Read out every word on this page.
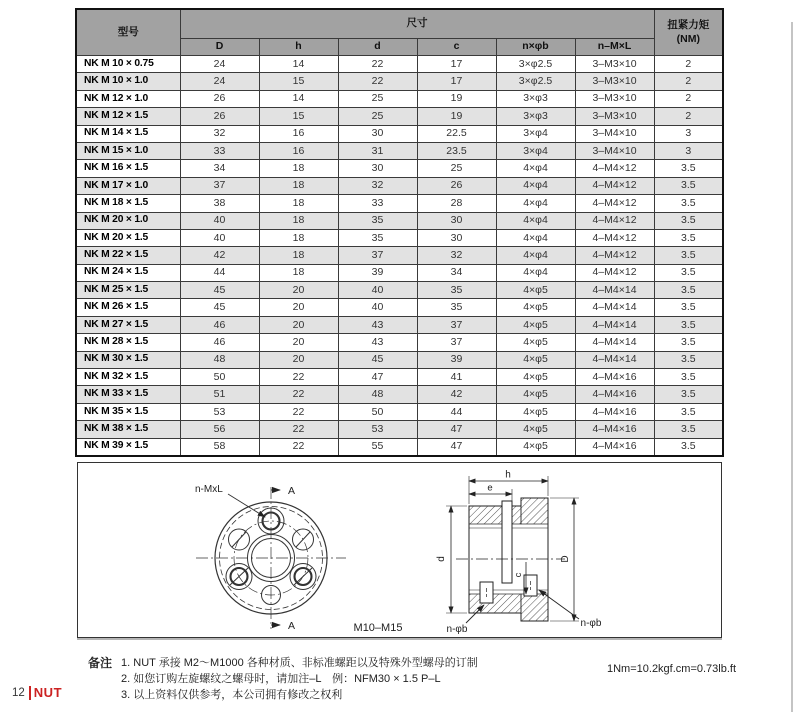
型号	尺寸						扭紧力矩
(NM)

	D	h	d	c	n×φb	n–M×L	
NK M 10 × 0.75	24	14	22	17	3×φ2.5	3–M3×10	2
NK M 10 × 1.0	24	15	22	17	3×φ2.5	3–M3×10	2
NK M 12 × 1.0	26	14	25	19	3×φ3	3–M3×10	2
NK M 12 × 1.5	26	15	25	19	3×φ3	3–M3×10	2
NK M 14 × 1.5	32	16	30	22.5	3×φ4	3–M4×10	3
NK M 15 × 1.0	33	16	31	23.5	3×φ4	3–M4×10	3
NK M 16 × 1.5	34	18	30	25	4×φ4	4–M4×12	3.5
NK M 17 × 1.0	37	18	32	26	4×φ4	4–M4×12	3.5
NK M 18 × 1.5	38	18	33	28	4×φ4	4–M4×12	3.5
NK M 20 × 1.0	40	18	35	30	4×φ4	4–M4×12	3.5
NK M 20 × 1.5	40	18	35	30	4×φ4	4–M4×12	3.5
NK M 22 × 1.5	42	18	37	32	4×φ4	4–M4×12	3.5
NK M 24 × 1.5	44	18	39	34	4×φ4	4–M4×12	3.5
NK M 25 × 1.5	45	20	40	35	4×φ5	4–M4×14	3.5
NK M 26 × 1.5	45	20	40	35	4×φ5	4–M4×14	3.5
NK M 27 × 1.5	46	20	43	37	4×φ5	4–M4×14	3.5
NK M 28 × 1.5	46	20	43	37	4×φ5	4–M4×14	3.5
NK M 30 × 1.5	48	20	45	39	4×φ5	4–M4×14	3.5
NK M 32 × 1.5	50	22	47	41	4×φ5	4–M4×16	3.5
NK M 33 × 1.5	51	22	48	42	4×φ5	4–M4×16	3.5
NK M 35 × 1.5	53	22	50	44	4×φ5	4–M4×16	3.5
NK M 38 × 1.5	56	22	53	47	4×φ5	4–M4×16	3.5
NK M 39 × 1.5	58	22	55	47	4×φ5	4–M4×16	3.5
n-MxL	A
A	M10–M15
h
e
d	D
c
n-φb
n-φb
备注 1. NUT 承接 M2～M1000 各种材质、非标准螺距以及特殊外型螺母的订制
2. 如您订购左旋螺纹之螺母时，请加注–L　例：NFM30 × 1.5 P–L
3. 以上资料仅供参考，本公司拥有修改之权利
1Nm=10.2kgf.cm=0.73lb.ft
12 NUT
